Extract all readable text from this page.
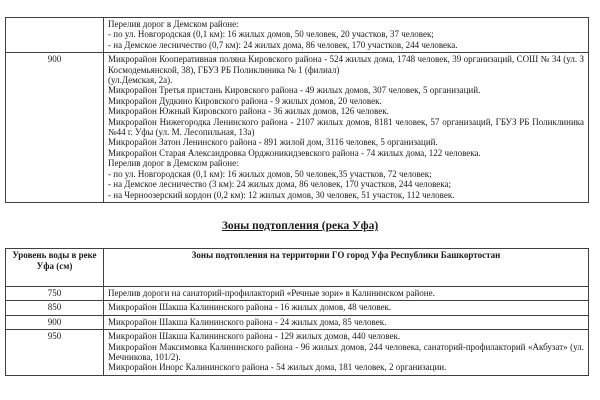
	Перелив дорог в Демском районе:
- по ул. Новгородская (0,1 км): 16 жилых домов, 50 человек, 20 участков, 37 человек;
- на Демское лесничество (0,7 км): 24 жилых дома, 86 человек, 170 участков, 244 человека.

900	Микрорайон Кооперативная поляна Кировского района - 524 жилых дома, 1748 человек, 39 организаций, СОШ № 34 (ул. З Космодемьянской, 38), ГБУЗ РБ Поликлиника № 1 (филиал)
(ул.Демская, 2а).
Микрорайон Третья пристань Кировского района - 49 жилых домов, 307 человек, 5 организаций.
Микрорайон Дудкино Кировского района - 9 жилых домов, 20 человек.
Микрорайон Южный Кировского района - 36 жилых домов, 126 человек.
Микрорайон Нижегородка Ленинского района - 2107 жилых домов, 8181 человек, 57 организаций, ГБУЗ РБ Поликлиника №44 г. Уфы (ул. М. Лесопильная, 13а)
Микрорайон Затон Ленинского района - 891 жилой дом, 3116 человек, 5 организаций.
Микрорайон Старая Александровка Орджоникидзевского района - 74 жилых дома, 122 человека.
Перелив дорог в Демском районе:
- по ул. Новгородская (0,1 км): 16 жилых домов, 50 человек,35 участков, 72 человек;
- на Демское лесничество (3 км): 24 жилых дома, 86 человек, 170 участков, 244 человека;
- на Черноозерский кордон (0,2 км): 12 жилых домов, 30 человек, 51 участок, 112 человек.
Зоны подтопления (река Уфа)
Уровень воды в реке Уфа (см)	Зоны подтопления на территории ГО город Уфа Республики Башкортостан
750	Перелив дороги на санаторий-профилакторий «Речные зори» в Калининском районе.

850	Микрорайон Шакша Калининского района - 16 жилых домов, 48 человек.

900	Микрорайон Шакша Калининского района - 24 жилых дома, 85 человек.

950	Микрорайон Шакша Калининского района - 129 жилых домов, 440 человек.
Микрорайон Максимовка Калининского района - 96 жилых домов, 244 человека, санаторий-профилакторий «Акбузат» (ул. Мечникова, 101/2).
Микрорайон Инорс Калининского района - 54 жилых дома, 181 человек, 2 организации.
